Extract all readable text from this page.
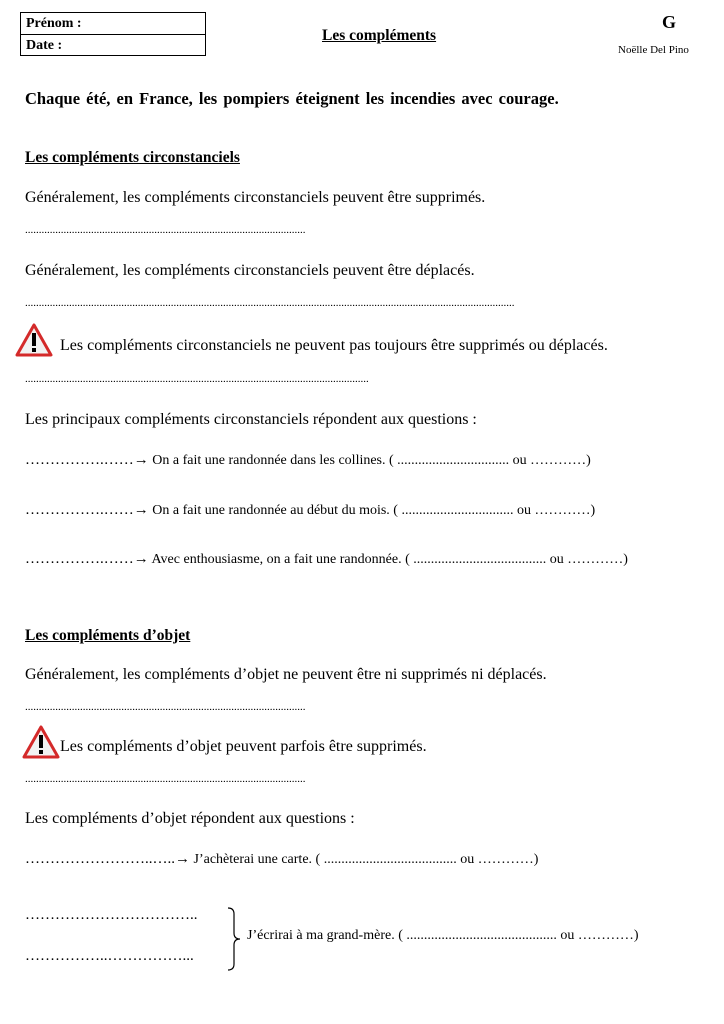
Prénom :
Date :
Les compléments
G
Noëlle Del Pino
Chaque été, en France, les pompiers éteignent les incendies avec courage.
Les compléments circonstanciels
Généralement, les compléments circonstanciels peuvent être supprimés.
......................................................................................................
Généralement, les compléments circonstanciels peuvent être déplacés.
..................................................................................................................................................................................
Les compléments circonstanciels ne peuvent pas toujours être supprimés ou déplacés.
.............................................................................................................................
Les principaux compléments circonstanciels répondent aux questions :
…………….……→ On a fait une randonnée dans les collines. ( ................................ ou …………)
…………….……→ On a fait une randonnée au début du mois. ( ................................ ou …………)
…………….……→ Avec enthousiasme, on a fait une randonnée. ( ...................................... ou …………)
Les compléments d’objet
Généralement, les compléments d’objet ne peuvent être ni supprimés ni déplacés.
......................................................................................................
Les compléments d’objet peuvent parfois être supprimés.
......................................................................................................
Les compléments d’objet répondent aux questions :
……………………..…..→ J’achèterai une carte. ( ...................................... ou …………)
……………………………..
……………..……………...
J’écrirai à ma grand-mère. ( ........................................... ou …………)
